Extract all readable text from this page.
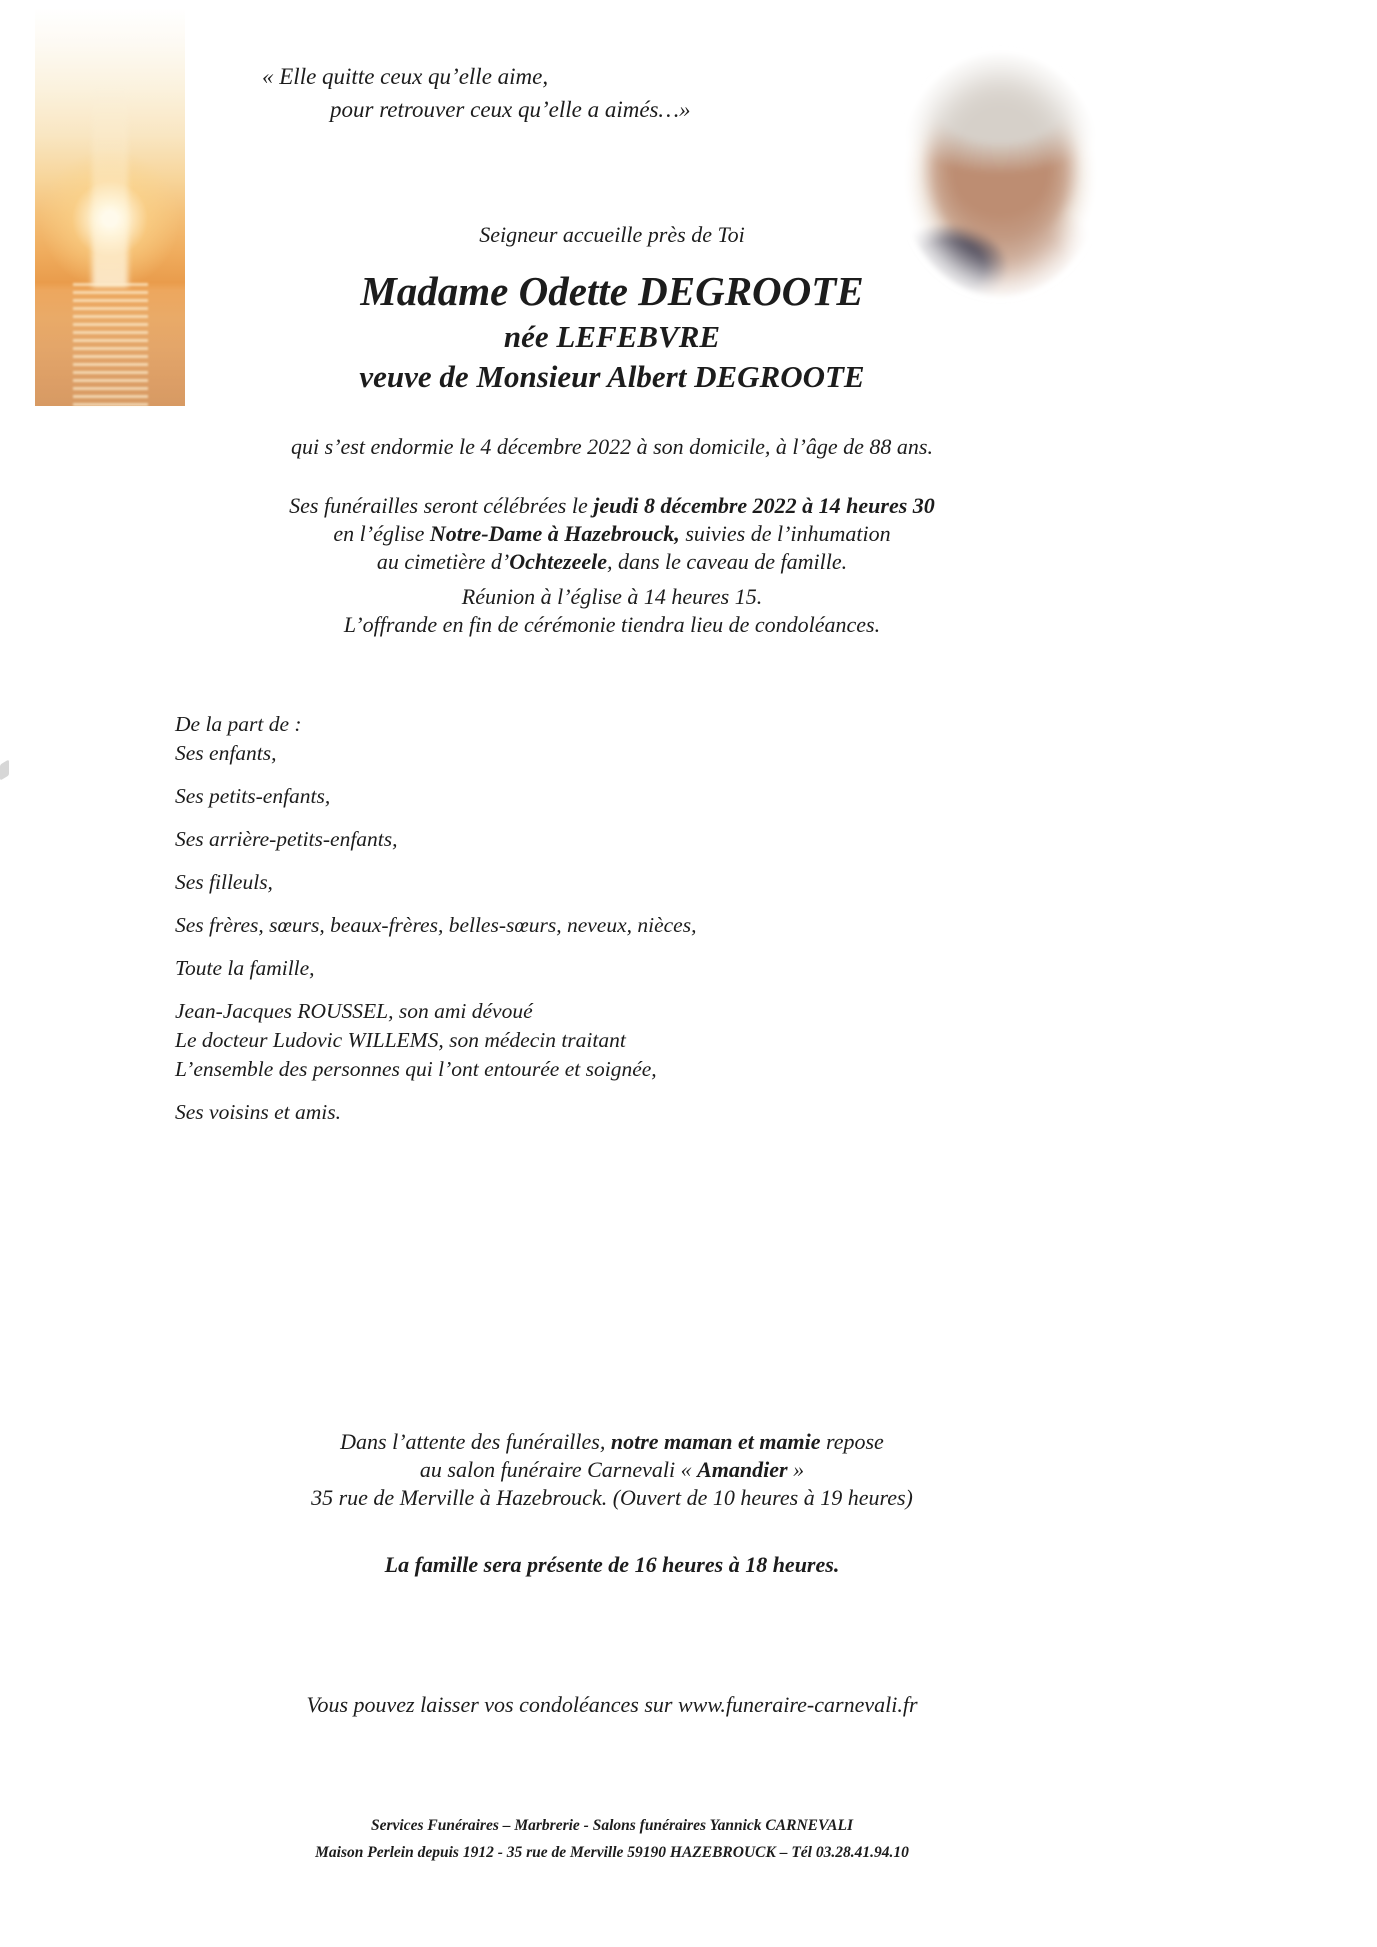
« Elle quitte ceux qu’elle aime,
pour retrouver ceux qu’elle a aimés…»
Seigneur accueille près de Toi
Madame Odette DEGROOTE
née LEFEBVRE
veuve de Monsieur Albert DEGROOTE
qui s’est endormie le 4 décembre 2022 à son domicile, à l’âge de 88 ans.
Ses funérailles seront célébrées le jeudi 8 décembre 2022 à 14 heures 30
en l’église Notre-Dame à Hazebrouck, suivies de l’inhumation
au cimetière d’Ochtezeele, dans le caveau de famille.
Réunion à l’église à 14 heures 15.
L’offrande en fin de cérémonie tiendra lieu de condoléances.
De la part de :
Ses enfants,
Ses petits-enfants,
Ses arrière-petits-enfants,
Ses filleuls,
Ses frères, sœurs, beaux-frères, belles-sœurs, neveux, nièces,
Toute la famille,
Jean-Jacques ROUSSEL, son ami dévoué
Le docteur Ludovic WILLEMS, son médecin traitant
L’ensemble des personnes qui l’ont entourée et soignée,
Ses voisins et amis.
Dans l’attente des funérailles, notre maman et mamie repose
au salon funéraire Carnevali « Amandier »
35 rue de Merville à Hazebrouck. (Ouvert de 10 heures à 19 heures)
La famille sera présente de 16 heures à 18 heures.
Vous pouvez laisser vos condoléances sur www.funeraire-carnevali.fr
Services Funéraires – Marbrerie - Salons funéraires Yannick CARNEVALI
Maison Perlein depuis 1912 - 35 rue de Merville 59190 HAZEBROUCK – Tél 03.28.41.94.10
